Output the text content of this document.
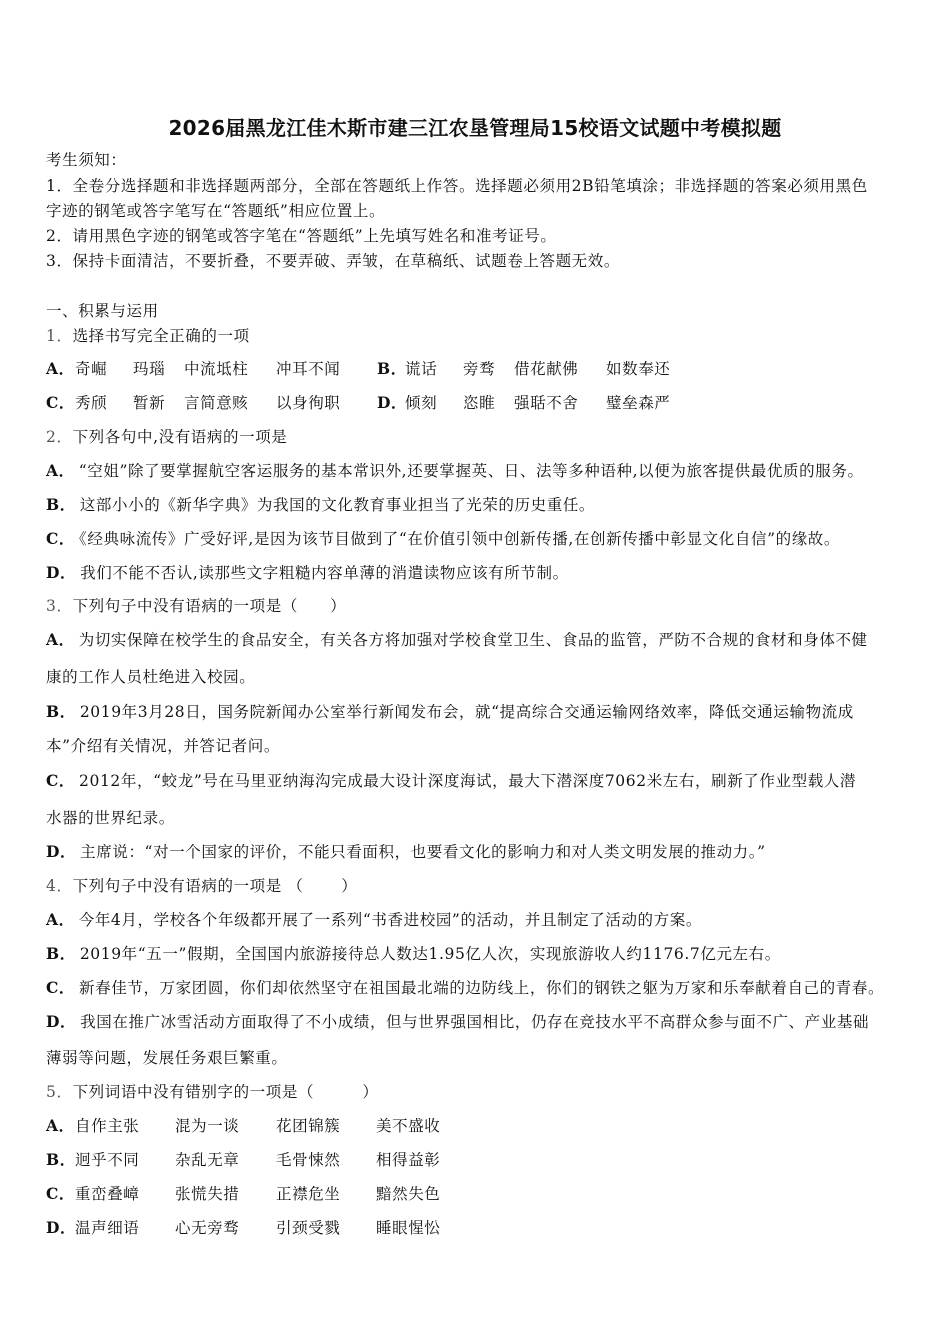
2026届黑龙江佳木斯市建三江农垦管理局15校语文试题中考模拟题
考生须知：
1．全卷分选择题和非选择题两部分，全部在答题纸上作答。选择题必须用2B铅笔填涂；非选择题的答案必须用黑色
字迹的钢笔或答字笔写在“答题纸”相应位置上。
2．请用黑色字迹的钢笔或答字笔在“答题纸”上先填写姓名和准考证号。
3．保持卡面清洁，不要折叠，不要弄破、弄皱，在草稿纸、试题卷上答题无效。
一、积累与运用
1．选择书写完全正确的一项
A． 奇崛 玛瑙 中流坻柱 冲耳不闻 B．
谎话 旁骛 借花献佛 如数奉还
C． 秀颀 暂新 言简意赅 以身徇职 D．
倾刻 恣睢 强聒不舍 璧垒森严
2．下列各句中,没有语病的一项是
A． “空姐”除了要掌握航空客运服务的基本常识外,还要掌握英、日、法等多种语种,以便为旅客提供最优质的服务。
B． 这部小小的《新华字典》为我国的文化教育事业担当了光荣的历史重任。
C． 《经典咏流传》广受好评,是因为该节目做到了“在价值引领中创新传播,在创新传播中彰显文化自信”的缘故。
D． 我们不能不否认,读那些文字粗糙内容单薄的消遣读物应该有所节制。
3．下列句子中没有语病的一项是（　　）
A． 为切实保障在校学生的食品安全，有关各方将加强对学校食堂卫生、食品的监管，严防不合规的食材和身体不健
康的工作人员杜绝进入校园。
B． 2019年3月28日，国务院新闻办公室举行新闻发布会，就“提高综合交通运输网络效率，降低交通运输物流成
本”介绍有关情况，并答记者问。
C． 2012年，“蛟龙”号在马里亚纳海沟完成最大设计深度海试，最大下潜深度7062米左右，刷新了作业型载人潜
水器的世界纪录。
D． 主席说：“对一个国家的评价，不能只看面积，也要看文化的影响力和对人类文明发展的推动力。”
4．下列句子中没有语病的一项是 （　　 ）
A． 今年4月，学校各个年级都开展了一系列“书香进校园”的活动，并且制定了活动的方案。
B． 2019年“五一”假期，全国国内旅游接待总人数达1.95亿人次，实现旅游收人约1176.7亿元左右。
C． 新春佳节，万家团圆，你们却依然坚守在祖国最北端的边防线上，你们的钢铁之躯为万家和乐奉献着自己的青春。
D． 我国在推广冰雪活动方面取得了不小成绩，但与世界强国相比，仍存在竞技水平不高群众参与面不广、产业基础
薄弱等问题，发展任务艰巨繁重。
5．下列词语中没有错别字的一项是（　　　）
A． 自作主张 混为一谈 花团锦簇 美不盛收
B． 迥乎不同 杂乱无章 毛骨悚然 相得益彰
C． 重峦叠嶂 张慌失措 正襟危坐 黯然失色
D．
温声细语 心无旁骛 引颈受戮 睡眼惺忪
